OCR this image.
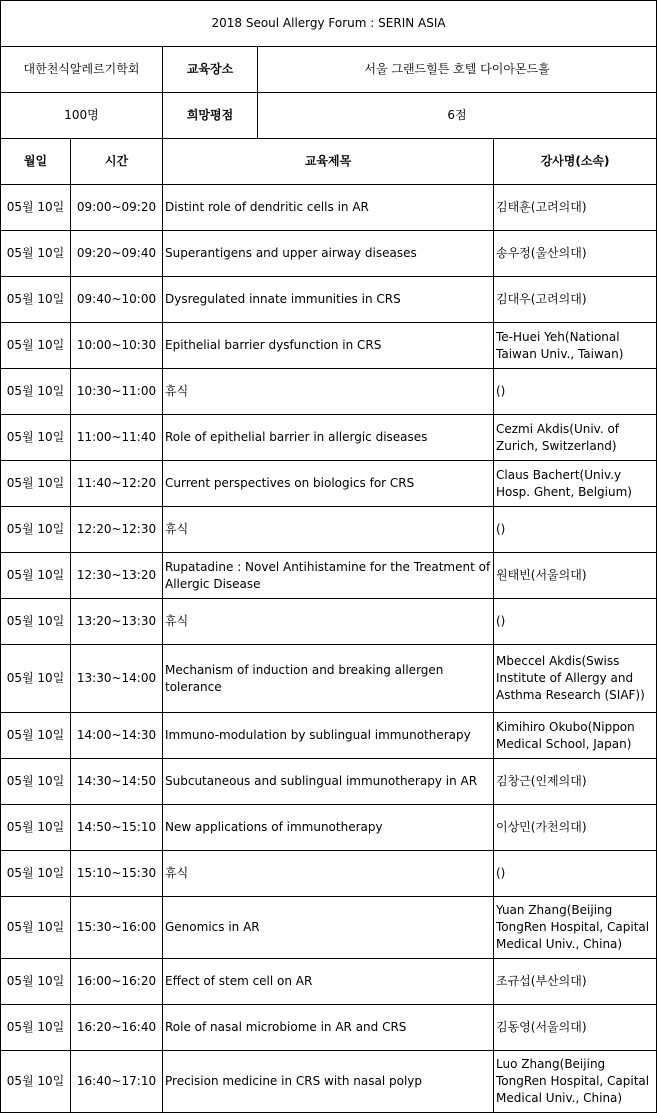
2018 Seoul Allergy Forum : SERIN ASIA				
대한천식알레르기학회		교육장소	서울 그랜드힐튼 호텔 다이아몬드홀	
100명		희망평점	6점	
월일	시간	교육제목		강사명(소속)
05월 10일	09:00~09:20	Distint role of dendritic cells in AR		김태훈(고려의대)
05월 10일	09:20~09:40	Superantigens and upper airway diseases		송우정(울산의대)
05월 10일	09:40~10:00	Dysregulated innate immunities in CRS		김대우(고려의대)
05월 10일	10:00~10:30	Epithelial barrier dysfunction in CRS		Te-Huei Yeh(National Taiwan Univ., Taiwan)
05월 10일	10:30~11:00	휴식		()
05월 10일	11:00~11:40	Role of epithelial barrier in allergic diseases		Cezmi Akdis(Univ. of Zurich, Switzerland)
05월 10일	11:40~12:20	Current perspectives on biologics for CRS		Claus Bachert(Univ.y Hosp. Ghent, Belgium)
05월 10일	12:20~12:30	휴식		()
05월 10일	12:30~13:20	Rupatadine : Novel Antihistamine for the Treatment of Allergic Disease		원태빈(서울의대)
05월 10일	13:20~13:30	휴식		()
05월 10일	13:30~14:00	Mechanism of induction and breaking allergen tolerance		Mbeccel Akdis(Swiss Institute of Allergy and Asthma Research (SIAF))
05월 10일	14:00~14:30	Immuno-modulation by sublingual immunotherapy		Kimihiro Okubo(Nippon Medical School, Japan)
05월 10일	14:30~14:50	Subcutaneous and sublingual immunotherapy in AR		김창근(인제의대)
05월 10일	14:50~15:10	New applications of immunotherapy		이상민(가천의대)
05월 10일	15:10~15:30	휴식		()
05월 10일	15:30~16:00	Genomics in AR		Yuan Zhang(Beijing TongRen Hospital, Capital Medical Univ., China)
05월 10일	16:00~16:20	Effect of stem cell on AR		조규섭(부산의대)
05월 10일	16:20~16:40	Role of nasal microbiome in AR and CRS		김동영(서울의대)
05월 10일	16:40~17:10	Precision medicine in CRS with nasal polyp		Luo Zhang(Beijing TongRen Hospital, Capital Medical Univ., China)
